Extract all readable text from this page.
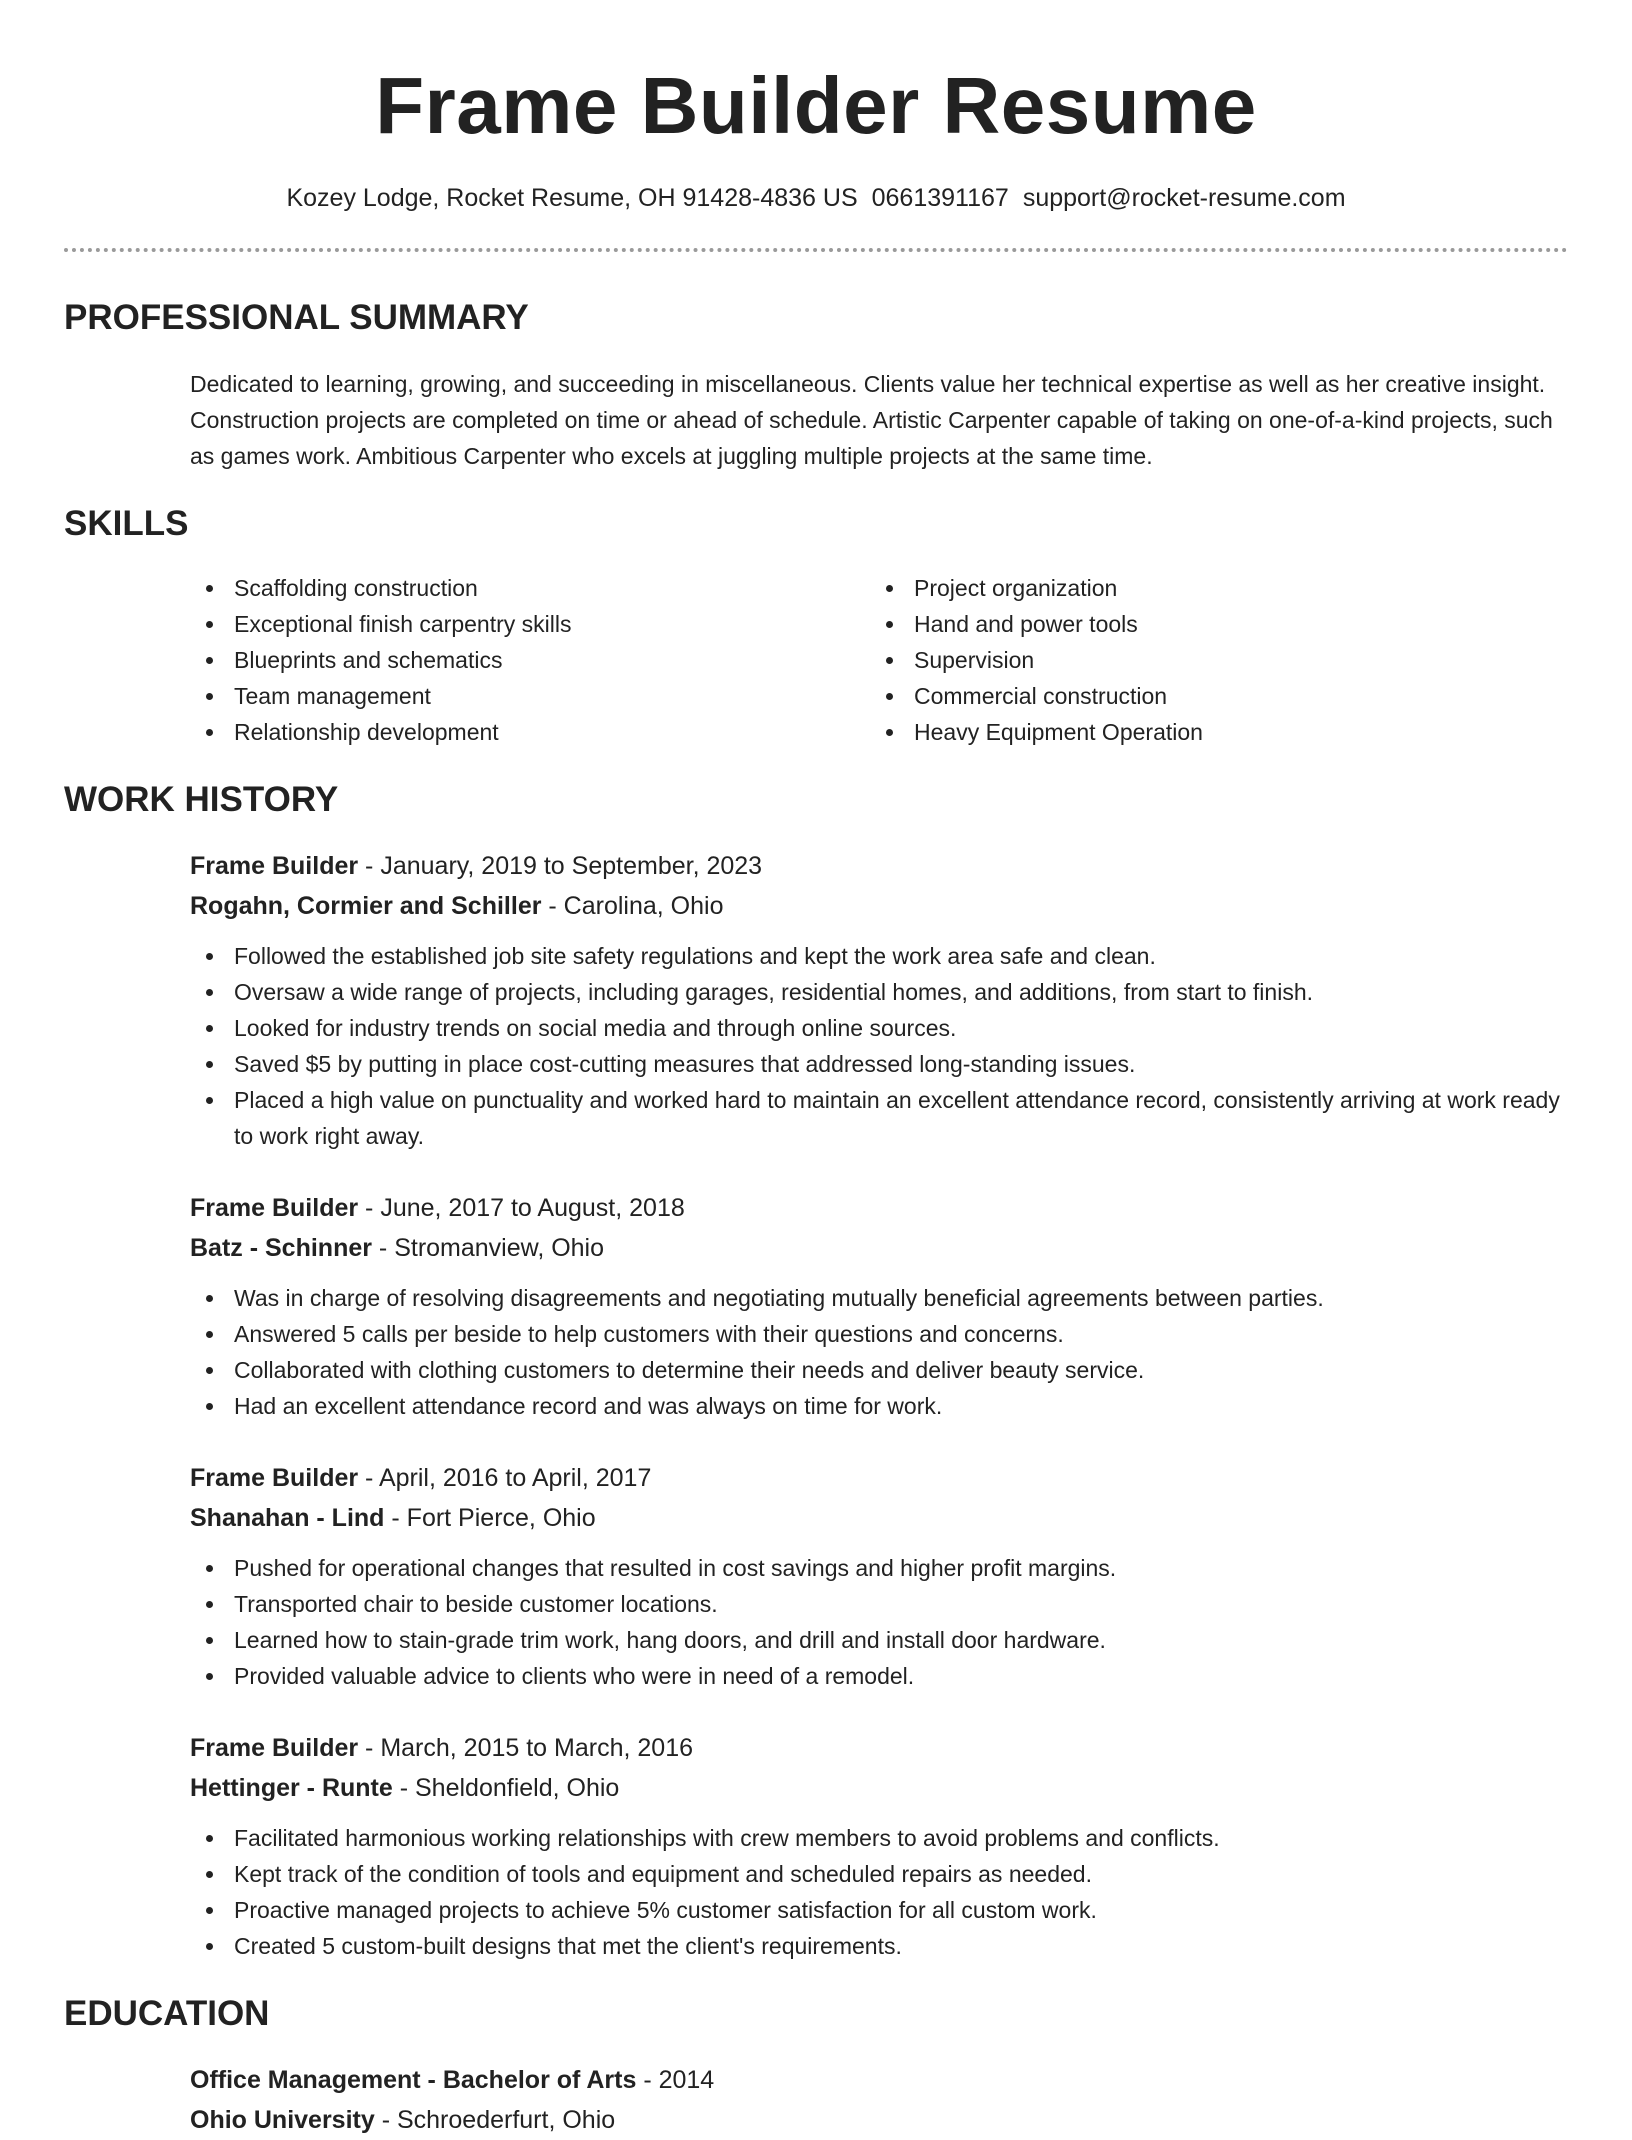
Frame Builder Resume
Kozey Lodge, Rocket Resume, OH 91428-4836 US 0661391167 support@rocket-resume.com
PROFESSIONAL SUMMARY

Dedicated to learning, growing, and succeeding in miscellaneous. Clients value her technical expertise as well as her creative insight. Construction projects are completed on time or ahead of schedule. Artistic Carpenter capable of taking on one-of-a-kind projects, such as games work. Ambitious Carpenter who excels at juggling multiple projects at the same time.

SKILLS
Scaffolding construction
Exceptional finish carpentry skills
Blueprints and schematics
Team management
Relationship development
Project organization
Hand and power tools
Supervision
Commercial construction
Heavy Equipment Operation
WORK HISTORY
Frame Builder - January, 2019 to September, 2023
Rogahn, Cormier and Schiller - Carolina, Ohio
Followed the established job site safety regulations and kept the work area safe and clean.
Oversaw a wide range of projects, including garages, residential homes, and additions, from start to finish.
Looked for industry trends on social media and through online sources.
Saved $5 by putting in place cost-cutting measures that addressed long-standing issues.
Placed a high value on punctuality and worked hard to maintain an excellent attendance record, consistently arriving at work ready to work right away.
Frame Builder - June, 2017 to August, 2018
Batz - Schinner - Stromanview, Ohio
Was in charge of resolving disagreements and negotiating mutually beneficial agreements between parties.
Answered 5 calls per beside to help customers with their questions and concerns.
Collaborated with clothing customers to determine their needs and deliver beauty service.
Had an excellent attendance record and was always on time for work.
Frame Builder - April, 2016 to April, 2017
Shanahan - Lind - Fort Pierce, Ohio
Pushed for operational changes that resulted in cost savings and higher profit margins.
Transported chair to beside customer locations.
Learned how to stain-grade trim work, hang doors, and drill and install door hardware.
Provided valuable advice to clients who were in need of a remodel.
Frame Builder - March, 2015 to March, 2016
Hettinger - Runte - Sheldonfield, Ohio
Facilitated harmonious working relationships with crew members to avoid problems and conflicts.
Kept track of the condition of tools and equipment and scheduled repairs as needed.
Proactive managed projects to achieve 5% customer satisfaction for all custom work.
Created 5 custom-built designs that met the client's requirements.
EDUCATION
Office Management - Bachelor of Arts - 2014
Ohio University - Schroederfurt, Ohio
